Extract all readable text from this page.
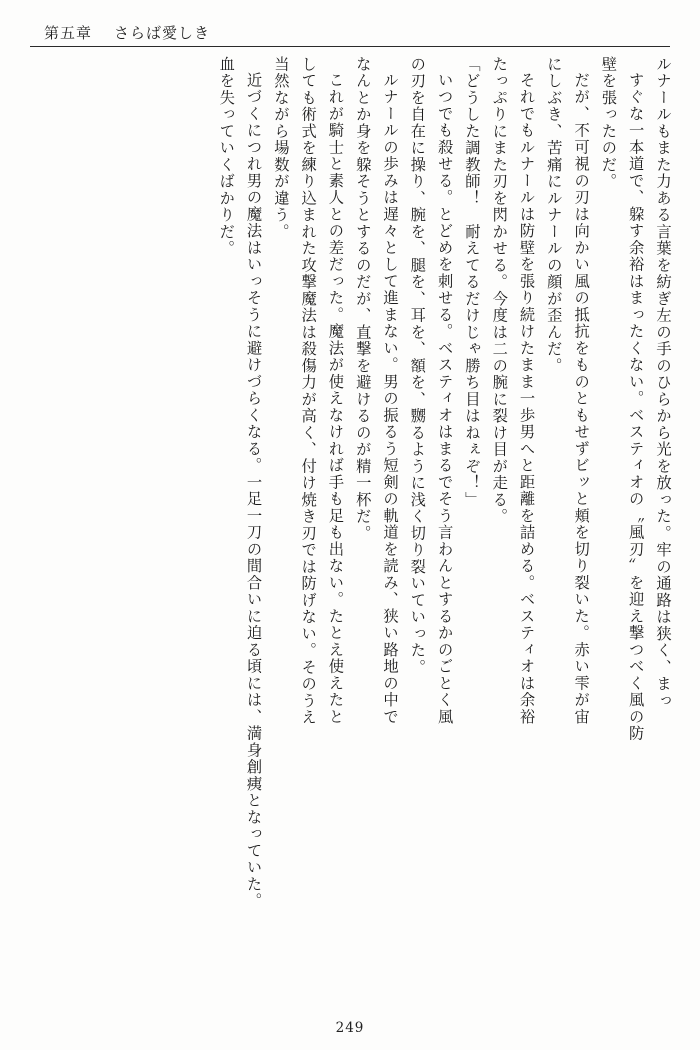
第五章 さらば愛しき
ルナールもまた力ある言葉を紡ぎ左の手のひらから光を放った。牢の通路は狭く、まっ
すぐな一本道で、躱す余裕はまったくない。ベスティオの〝風刃〟を迎え撃つべく風の防
壁を張ったのだ。
だが、不可視の刃は向かい風の抵抗をものともせずビッと頬を切り裂いた。赤い雫が宙
にしぶき、苦痛にルナールの顔が歪んだ。
それでもルナールは防壁を張り続けたまま一歩男へと距離を詰める。ベスティオは余裕
たっぷりにまた刃を閃かせる。今度は二の腕に裂け目が走る。
「どうした調教師！　耐えてるだけじゃ勝ち目はねぇぞ！」
いつでも殺せる。とどめを刺せる。ベスティオはまるでそう言わんとするかのごとく風
の刃を自在に操り、腕を、腿を、耳を、額を、嬲るように浅く切り裂いていった。
ルナールの歩みは遅々として進まない。男の振るう短剣の軌道を読み、狭い路地の中で
なんとか身を躱そうとするのだが、直撃を避けるのが精一杯だ。
これが騎士と素人との差だった。魔法が使えなければ手も足も出ない。たとえ使えたと
しても術式を練り込まれた攻撃魔法は殺傷力が高く、付け焼き刃では防げない。そのうえ
当然ながら場数が違う。
近づくにつれ男の魔法はいっそうに避けづらくなる。一足一刀の間合いに迫る頃には、満身創痍となっていた。
血を失っていくばかりだ。
249
